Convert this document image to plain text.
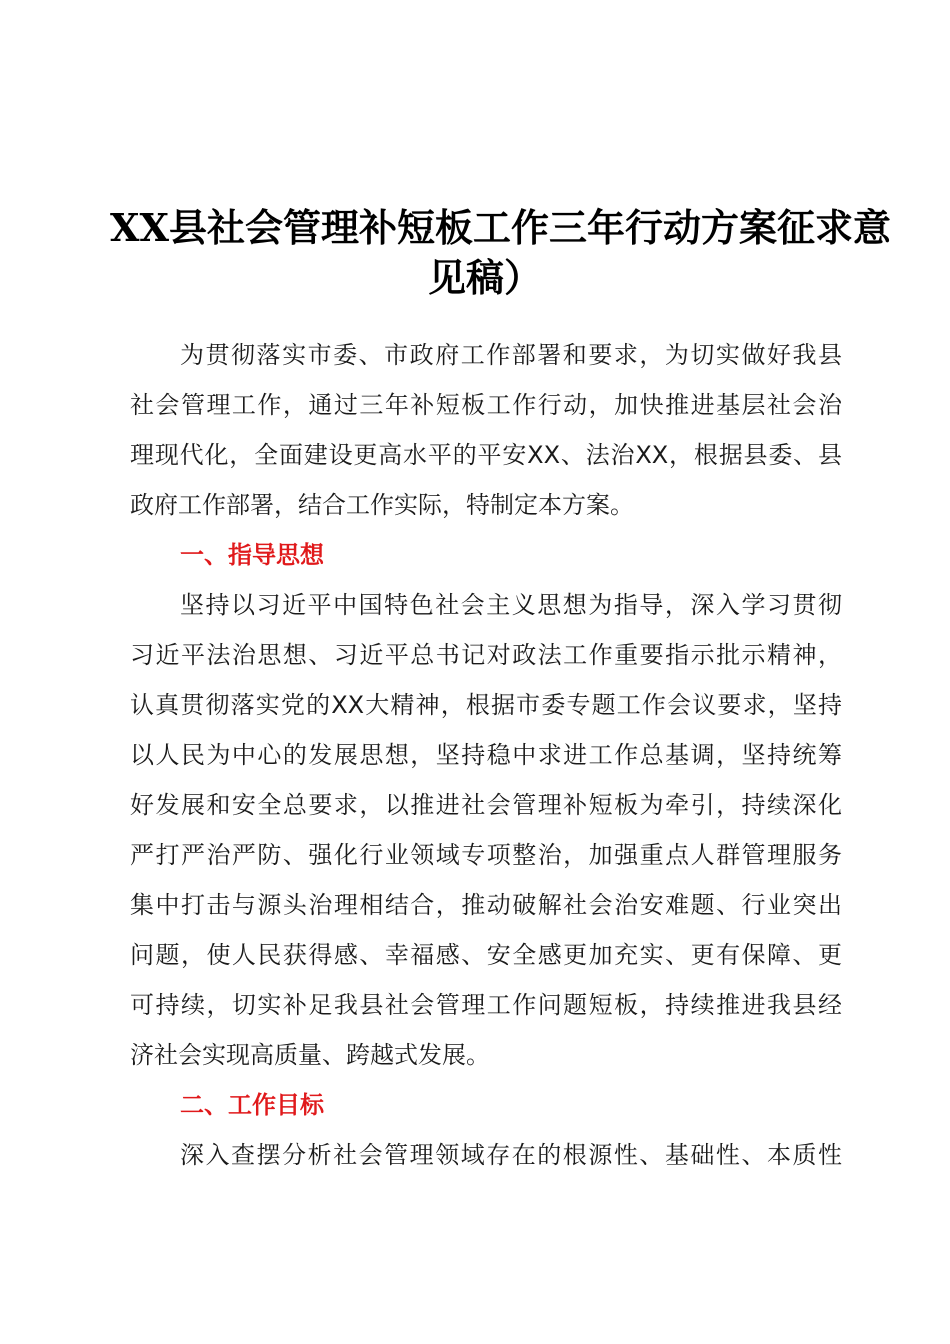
XX县社会管理补短板工作三年行动方案征求意
见稿）
为贯彻落实市委、市政府工作部署和要求，为切实做好我县
社会管理工作，通过三年补短板工作行动，加快推进基层社会治
理现代化，全面建设更高水平的平安XX、法治XX，根据县委、县
政府工作部署，结合工作实际，特制定本方案。
一、指导思想
坚持以习近平中国特色社会主义思想为指导，深入学习贯彻
习近平法治思想、习近平总书记对政法工作重要指示批示精神，
认真贯彻落实党的XX大精神，根据市委专题工作会议要求，坚持
以人民为中心的发展思想，坚持稳中求进工作总基调，坚持统筹
好发展和安全总要求，以推进社会管理补短板为牵引，持续深化
严打严治严防、强化行业领域专项整治，加强重点人群管理服务
集中打击与源头治理相结合，推动破解社会治安难题、行业突出
问题，使人民获得感、幸福感、安全感更加充实、更有保障、更
可持续，切实补足我县社会管理工作问题短板，持续推进我县经
济社会实现高质量、跨越式发展。
二、工作目标
深入查摆分析社会管理领域存在的根源性、基础性、本质性
